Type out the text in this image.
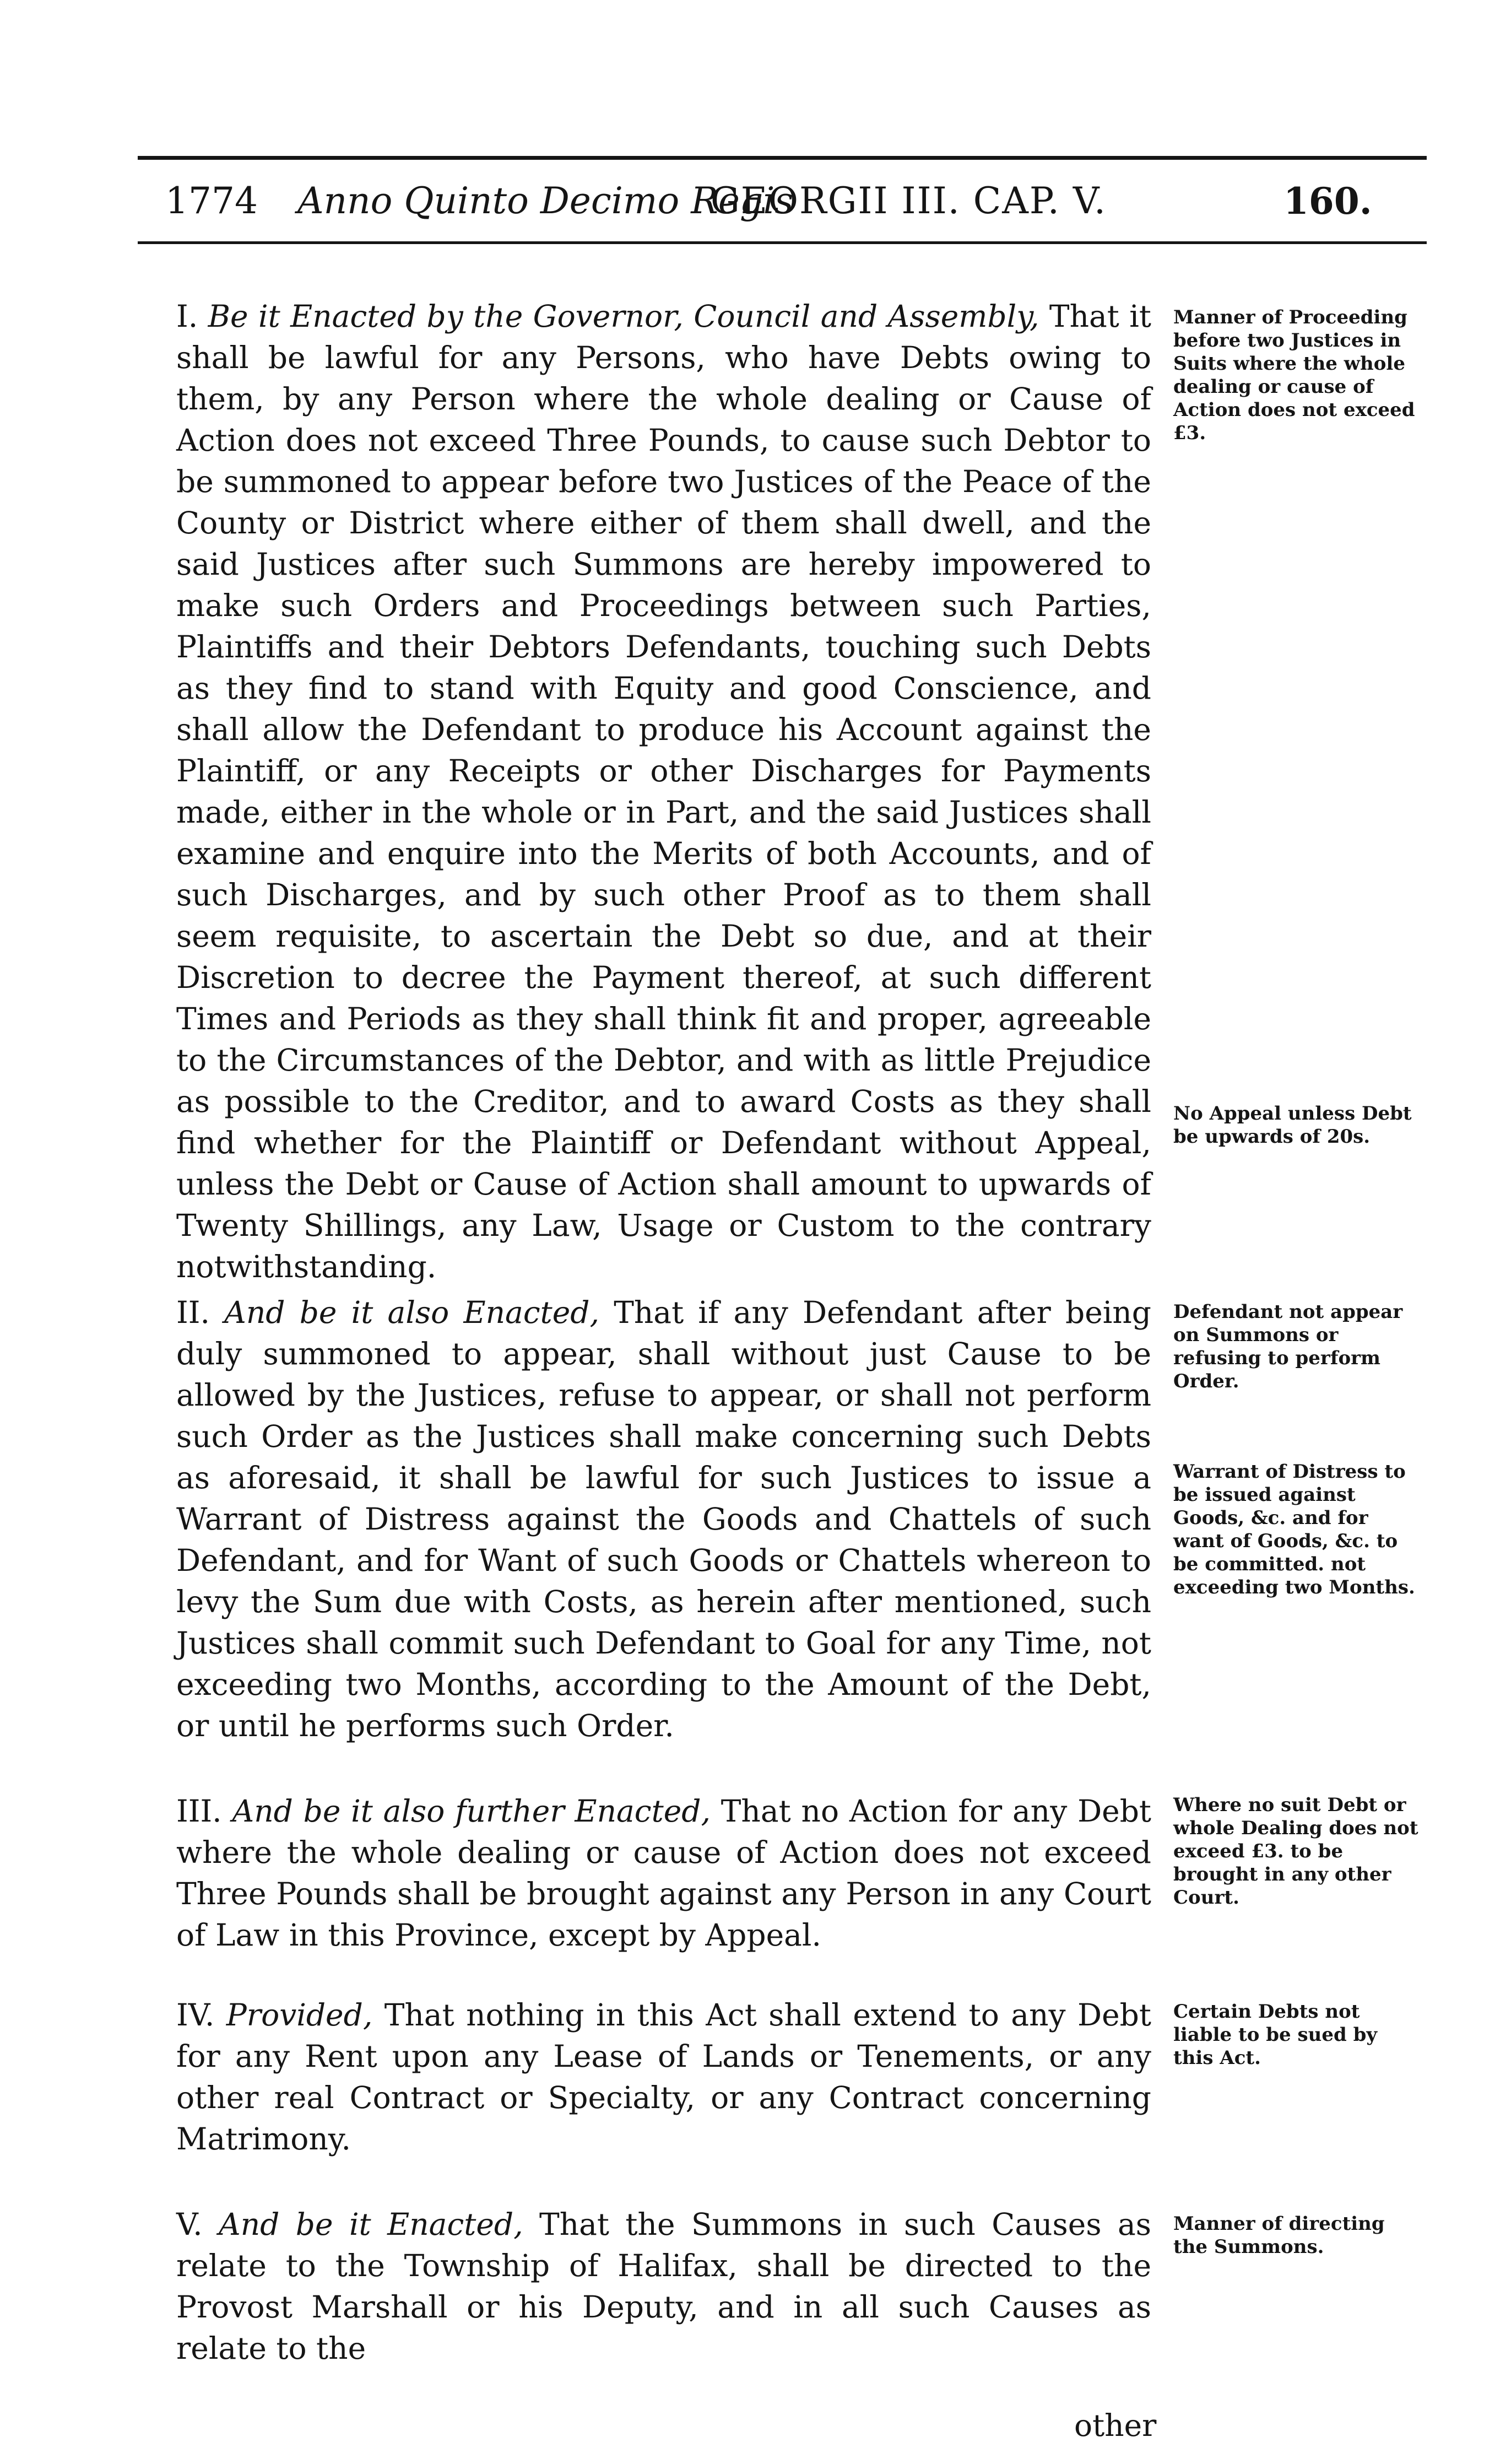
1774 Anno Quinto Decimo Regis
GEORGII III. CAP. V.	160.
I. Be it Enacted by the Governor, Council and Assembly, That it shall be lawful for any Persons, who have Debts owing to them, by any Person where the whole dealing or Cause of Action does not exceed Three Pounds, to cause such Debtor to be summoned to appear before two Justices of the Peace of the County or District where either of them shall dwell, and the said Justices after such Summons are hereby impowered to make such Orders and Proceedings between such Parties, Plaintiffs and their Debtors Defendants, touching such Debts as they find to stand with Equity and good Conscience, and shall allow the Defendant to produce his Account against the Plaintiff, or any Receipts or other Discharges for Payments made, either in the whole or in Part, and the said Justices shall examine and enquire into the Merits of both Accounts, and of such Discharges, and by such other Proof as to them shall seem requisite, to ascertain the Debt so due, and at their Discretion to decree the Payment thereof, at such different Times and Periods as they shall think fit and proper, agreeable to the Circumstances of the Debtor, and with as little Prejudice as possible to the Creditor, and to award Costs as they shall find whether for the Plaintiff or Defendant without Appeal, unless the Debt or Cause of Action shall amount to upwards of Twenty Shillings, any Law, Usage or Custom to the contrary notwithstanding.
II. And be it also Enacted, That if any Defendant after being duly summoned to appear, shall without just Cause to be allowed by the Justices, refuse to appear, or shall not perform such Order as the Justices shall make concerning such Debts as aforesaid, it shall be lawful for such Justices to issue a Warrant of Distress against the Goods and Chattels of such Defendant, and for Want of such Goods or Chattels whereon to levy the Sum due with Costs, as herein after mentioned, such Justices shall commit such Defendant to Goal for any Time, not exceeding two Months, according to the Amount of the Debt, or until he performs such Order.
III. And be it also further Enacted, That no Action for any Debt where the whole dealing or cause of Action does not exceed Three Pounds shall be brought against any Person in any Court of Law in this Province, except by Appeal.
IV. Provided, That nothing in this Act shall extend to any Debt for any Rent upon any Lease of Lands or Tenements, or any other real Contract or Specialty, or any Contract concerning Matrimony.
V. And be it Enacted, That the Summons in such Causes as relate to the Township of Halifax, shall be directed to the Provost Marshall or his Deputy, and in all such Causes as relate to the
Manner of Proceeding before two Justices in Suits where the whole dealing or cause of Action does not exceed £3.
No Appeal unless Debt be upwards of 20s.
Defendant not appear on Summons or refusing to perform Order.
Warrant of Distress to be issued against Goods, &c. and for want of Goods, &c. to be committed. not exceeding two Months.
Where no suit Debt or whole Dealing does not exceed £3. to be brought in any other Court.
Certain Debts not liable to be sued by this Act.
Manner of directing the Summons.
other
